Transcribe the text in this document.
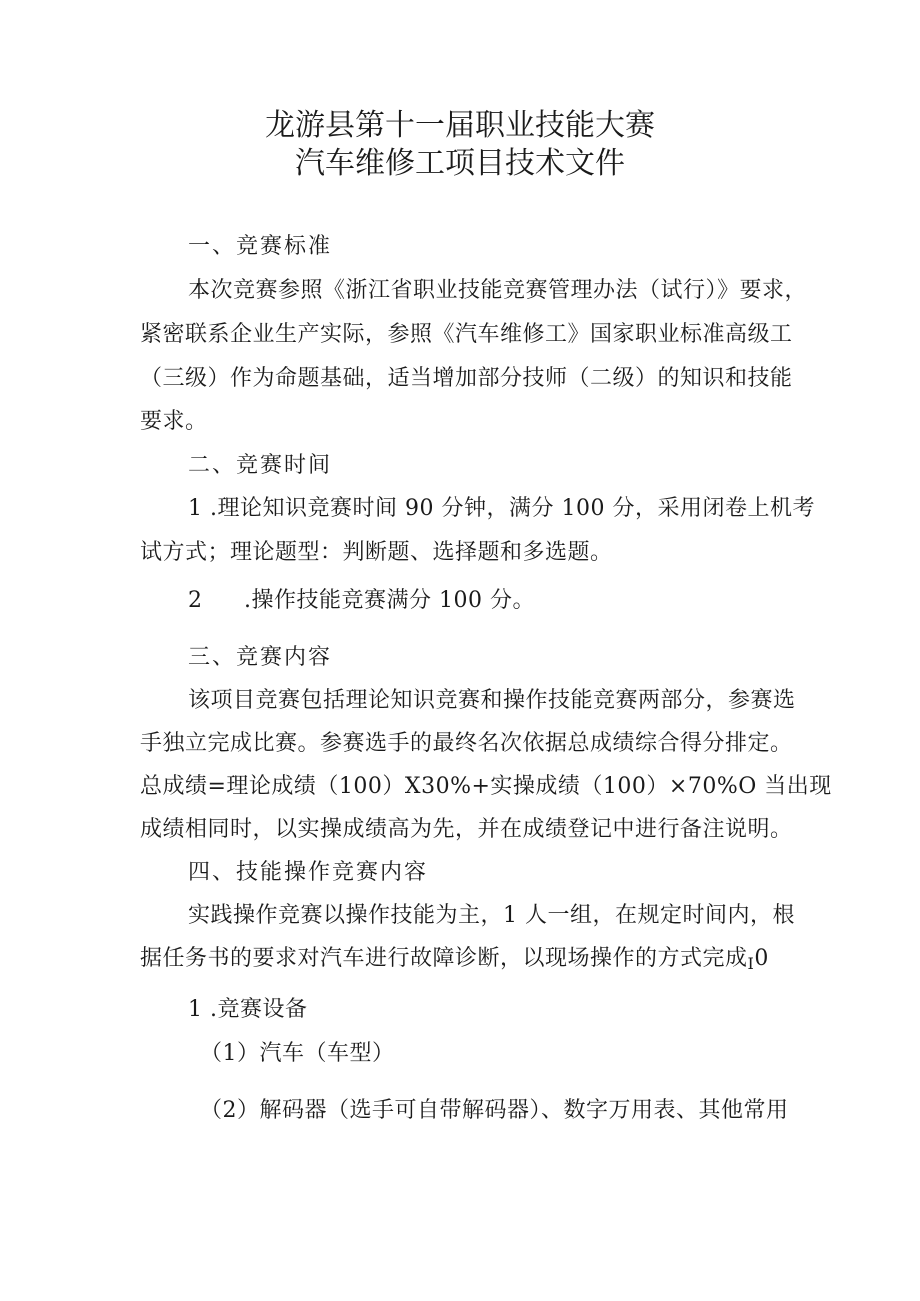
龙游县第十一届职业技能大赛
汽车维修工项目技术文件
一、竞赛标准
本次竞赛参照《浙江省职业技能竞赛管理办法（试行）》要求，
紧密联系企业生产实际，参照《汽车维修工》国家职业标准高级工
（三级）作为命题基础，适当增加部分技师（二级）的知识和技能
要求。
二、竞赛时间
1 .理论知识竞赛时间 90 分钟，满分 100 分，采用闭卷上机考
试方式；理论题型：判断题、选择题和多选题。
2 .操作技能竞赛满分 100 分。
三、竞赛内容
该项目竞赛包括理论知识竞赛和操作技能竞赛两部分，参赛选
手独立完成比赛。参赛选手的最终名次依据总成绩综合得分排定。
总成绩=理论成绩（100）X30%+实操成绩（100）×70%O 当出现
成绩相同时，以实操成绩高为先，并在成绩登记中进行备注说明。
四、技能操作竞赛内容
实践操作竞赛以操作技能为主，1 人一组，在规定时间内，根
据任务书的要求对汽车进行故障诊断，以现场操作的方式完成$_I$0
1 .竞赛设备
（1）汽车（车型）
（2）解码器（选手可自带解码器）、数字万用表、其他常用
